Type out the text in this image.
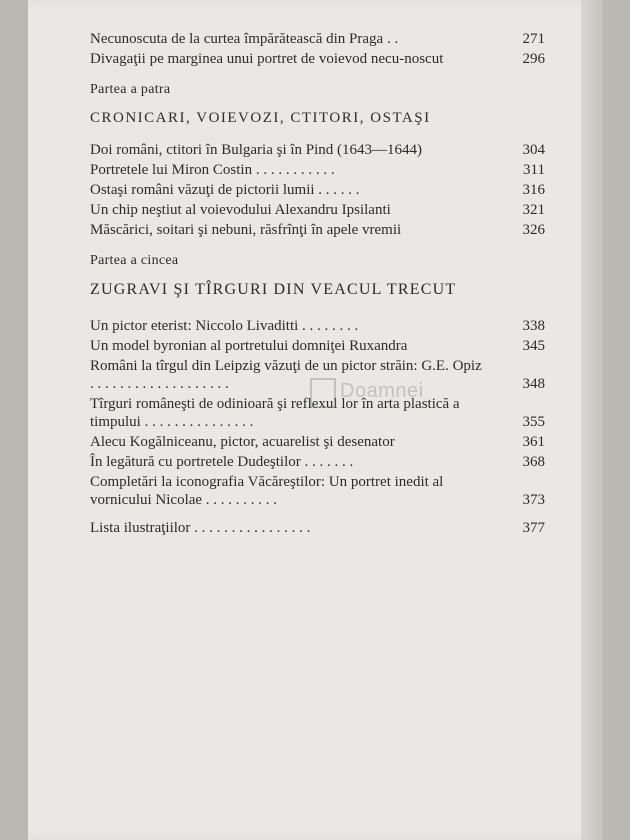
Necunoscuta de la curtea împărătească din Praga . .	271
Divagaţii pe marginea unui portret de voievod necu-noscut	296
Partea a patra
CRONICARI, VOIEVOZI, CTITORI, OSTAŞI
Doi români, ctitori în Bulgaria şi în Pind (1643—1644)	304
Portretele lui Miron Costin . . . . . . . . . . .	311
Ostaşi români văzuţi de pictorii lumii . . . . . .	316
Un chip neştiut al voievodului Alexandru Ipsilanti	321
Măscărici, soitari şi nebuni, răsfrînţi în apele vremii	326
Partea a cincea
ZUGRAVI ŞI TÎRGURI DIN VEACUL TRECUT
Un pictor eterist: Niccolo Livaditti . . . . . . . .	338
Un model byronian al portretului domniţei Ruxandra	345
Români la tîrgul din Leipzig văzuţi de un pictor străin: G.E. Opiz . . . . . . . . . . . . . . . . . . .	348
Tîrguri româneşti de odinioară şi reflexul lor în arta plastică a timpului . . . . . . . . . . . . . . .	355
Alecu Kogălniceanu, pictor, acuarelist şi desenator	361
În legătură cu portretele Dudeştilor . . . . . . .	368
Completări la iconografia Văcăreştilor: Un portret inedit al vornicului Nicolae . . . . . . . . . .	373
Lista ilustraţiilor . . . . . . . . . . . . . . . .	377
Doamnei
